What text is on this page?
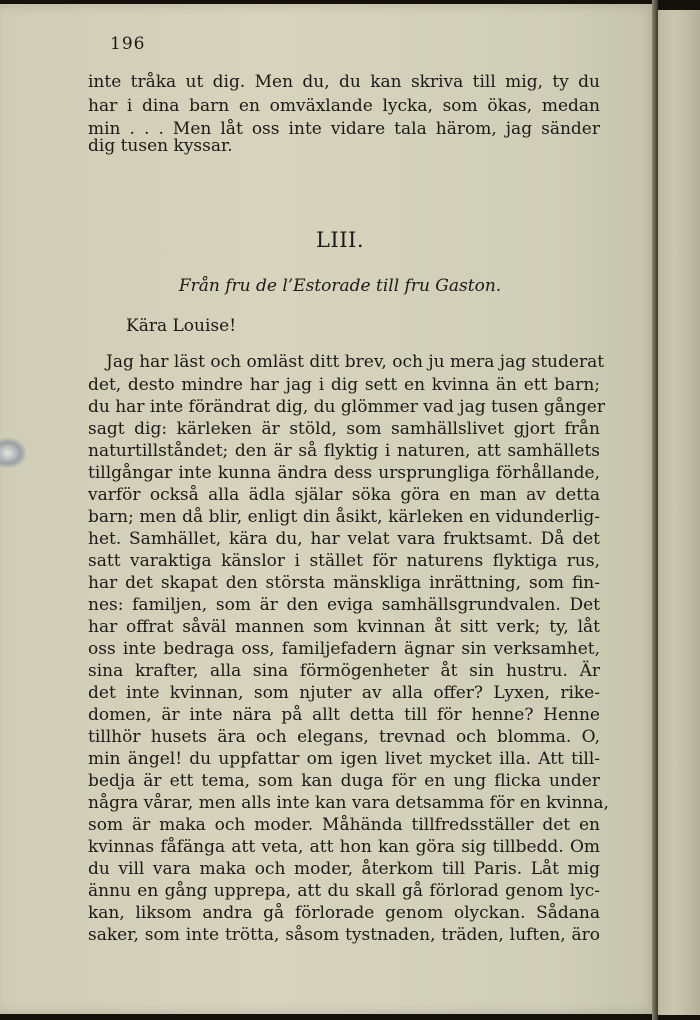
196
inte tråka ut dig. Men du, du kan skriva till mig, ty du
har i dina barn en omväxlande lycka, som ökas, medan
min . . . Men låt oss inte vidare tala härom, jag sänder
dig tusen kyssar.
LIII.
Från fru de l’Estorade till fru Gaston.
Kära Louise!
Jag har läst och omläst ditt brev, och ju mera jag studerat
det, desto mindre har jag i dig sett en kvinna än ett barn;
du har inte förändrat dig, du glömmer vad jag tusen gånger
sagt dig: kärleken är stöld, som samhällslivet gjort från
naturtillståndet; den är så flyktig i naturen, att samhällets
tillgångar inte kunna ändra dess ursprungliga förhållande,
varför också alla ädla själar söka göra en man av detta
barn; men då blir, enligt din åsikt, kärleken en vidunderlig-
het. Samhället, kära du, har velat vara fruktsamt. Då det
satt varaktiga känslor i stället för naturens flyktiga rus,
har det skapat den största mänskliga inrättning, som fin-
nes: familjen, som är den eviga samhällsgrundvalen. Det
har offrat såväl mannen som kvinnan åt sitt verk; ty, låt
oss inte bedraga oss, familjefadern ägnar sin verksamhet,
sina krafter, alla sina förmögenheter åt sin hustru. Är
det inte kvinnan, som njuter av alla offer? Lyxen, rike-
domen, är inte nära på allt detta till för henne? Henne
tillhör husets ära och elegans, trevnad och blomma. O,
min ängel! du uppfattar om igen livet mycket illa. Att till-
bedja är ett tema, som kan duga för en ung flicka under
några vårar, men alls inte kan vara detsamma för en kvinna,
som är maka och moder. Måhända tillfredsställer det en
kvinnas fåfänga att veta, att hon kan göra sig tillbedd. Om
du vill vara maka och moder, återkom till Paris. Låt mig
ännu en gång upprepa, att du skall gå förlorad genom lyc-
kan, liksom andra gå förlorade genom olyckan. Sådana
saker, som inte trötta, såsom tystnaden, träden, luften, äro
